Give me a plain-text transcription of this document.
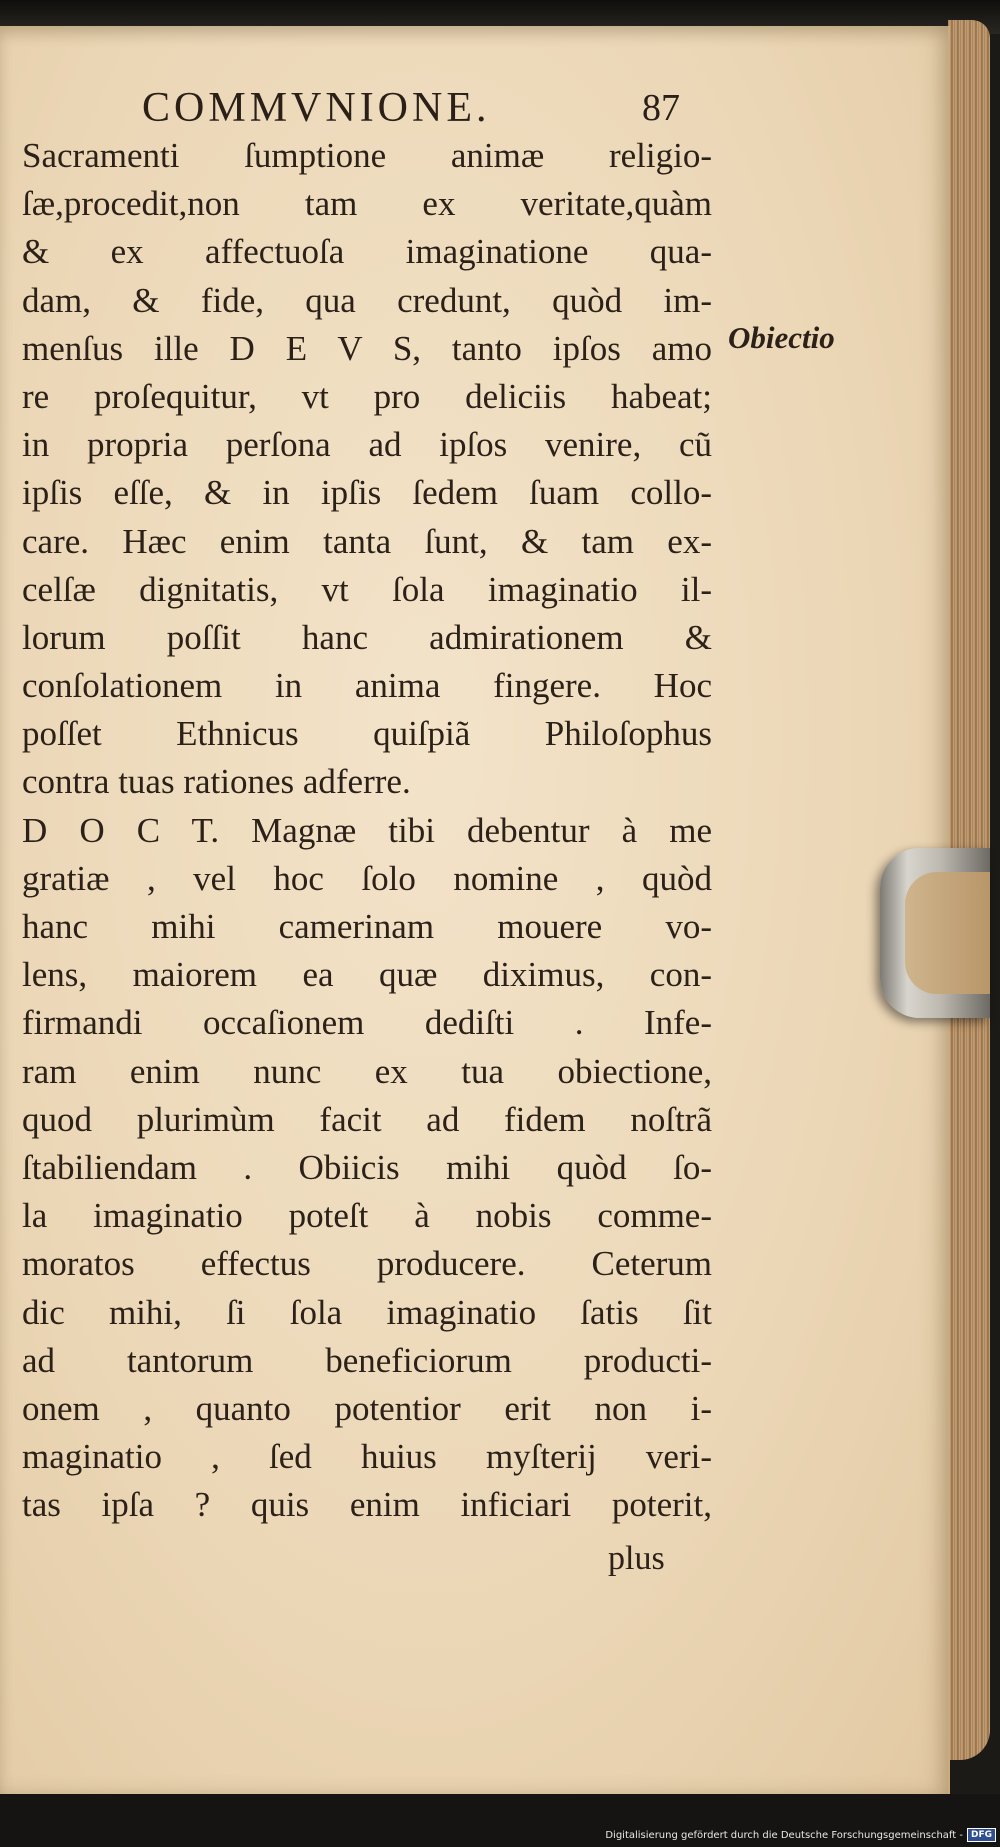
COMMVNIONE.	87
Obiectio
Sacramenti ſumptione animæ religio-
ſæ,procedit,non tam ex veritate,quàm
& ex affectuoſa imaginatione qua-
dam, & fide, qua credunt, quòd im-
menſus ille D E V S, tanto ipſos amo
re proſequitur, vt pro deliciis habeat;
in propria perſona ad ipſos venire, cũ
ipſis eſſe, & in ipſis ſedem ſuam collo-
care. Hæc enim tanta ſunt, & tam ex-
celſæ dignitatis, vt ſola imaginatio il-
lorum poſſit hanc admirationem &
conſolationem in anima fingere. Hoc
poſſet Ethnicus quiſpiã Philoſophus
contra tuas rationes adferre.
D O C T. Magnæ tibi debentur à me
gratiæ , vel hoc ſolo nomine , quòd
hanc mihi camerinam mouere vo-
lens, maiorem ea quæ diximus, con-
firmandi occaſionem dediſti . Infe-
ram enim nunc ex tua obiectione,
quod plurimùm facit ad fidem noſtrã
ſtabiliendam . Obiicis mihi quòd ſo-
la imaginatio poteſt à nobis comme-
moratos effectus producere. Ceterum
dic mihi, ſi ſola imaginatio ſatis ſit
ad tantorum beneficiorum producti-
onem , quanto potentior erit non i-
maginatio , ſed huius myſterij veri-
tas ipſa ? quis enim inficiari poterit,
plus
Digitalisierung gefördert durch die Deutsche Forschungsgemeinschaft - DFG
